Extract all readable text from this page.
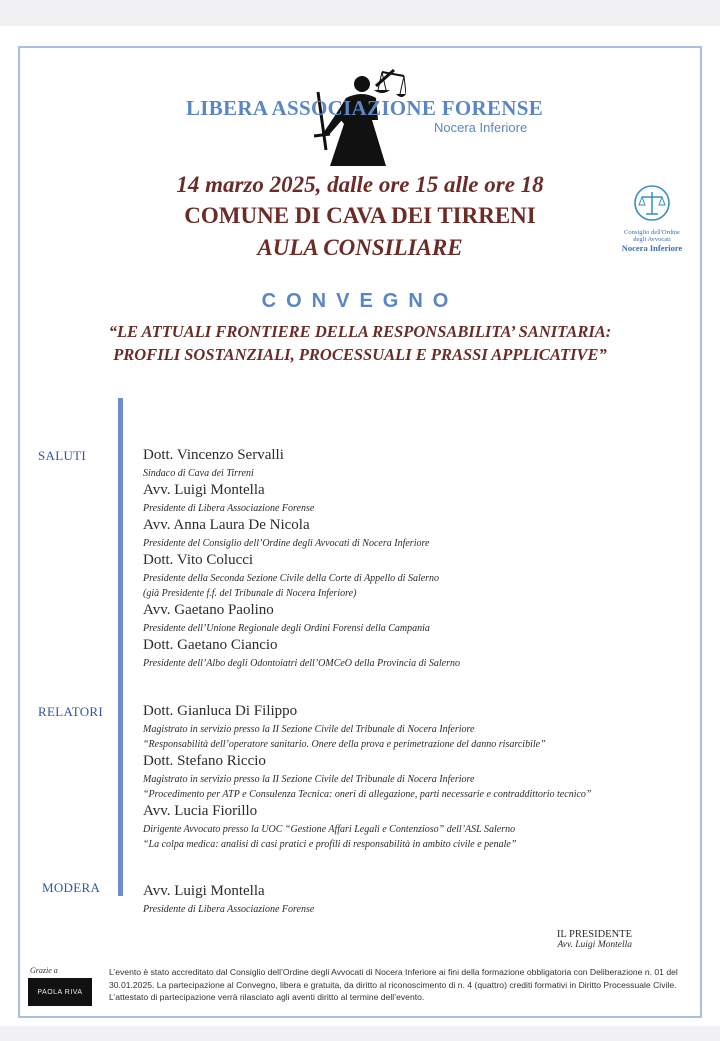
LIBERA ASSOCIAZIONE FORENSE
Nocera Inferiore
14 marzo 2025, dalle ore 15 alle ore 18
COMUNE DI CAVA DEI TIRRENI
AULA CONSILIARE
Consiglio dell'Ordine
degli Avvocati
Nocera Inferiore
CONVEGNO
“LE ATTUALI FRONTIERE DELLA RESPONSABILITA’ SANITARIA:
PROFILI SOSTANZIALI, PROCESSUALI E PRASSI APPLICATIVE”
SALUTI
RELATORI
MODERA
Dott. Vincenzo Servalli
Sindaco di Cava dei Tirreni
Avv. Luigi Montella
Presidente di Libera Associazione Forense
Avv. Anna Laura De Nicola
Presidente del Consiglio dell’Ordine degli Avvocati di Nocera Inferiore
Dott. Vito Colucci
Presidente della Seconda Sezione Civile della Corte di Appello di Salerno
(già Presidente f.f. del Tribunale di Nocera Inferiore)
Avv. Gaetano Paolino
Presidente dell’Unione Regionale degli Ordini Forensi della Campania
Dott. Gaetano Ciancio
Presidente dell’Albo degli Odontoiatri dell’OMCeO della Provincia di Salerno
Dott. Gianluca Di Filippo
Magistrato in servizio presso la II Sezione Civile del Tribunale di Nocera Inferiore
“Responsabilità dell’operatore sanitario. Onere della prova e perimetrazione del danno risarcibile”
Dott. Stefano Riccio
Magistrato in servizio presso la II Sezione Civile del Tribunale di Nocera Inferiore
“Procedimento per ATP e Consulenza Tecnica: oneri di allegazione, parti necessarie e contraddittorio tecnico”
Avv. Lucia Fiorillo
Dirigente Avvocato presso la UOC “Gestione Affari Legali e Contenzioso” dell’ASL Salerno
“La colpa medica: analisi di casi pratici e profili di responsabilità in ambito civile e penale”
Avv. Luigi Montella
Presidente di Libera Associazione Forense
IL PRESIDENTE
Avv. Luigi Montella
Grazie a
PAOLA RIVA
L’evento è stato accreditato dal Consiglio dell’Ordine degli Avvocati di Nocera Inferiore ai fini della formazione obbligatoria con Deliberazione n. 01 del
30.01.2025. La partecipazione al Convegno, libera e gratuita, da diritto al riconoscimento di n. 4 (quattro) crediti formativi in Diritto Processuale Civile.
L’attestato di partecipazione verrà rilasciato agli aventi diritto al termine dell’evento.
